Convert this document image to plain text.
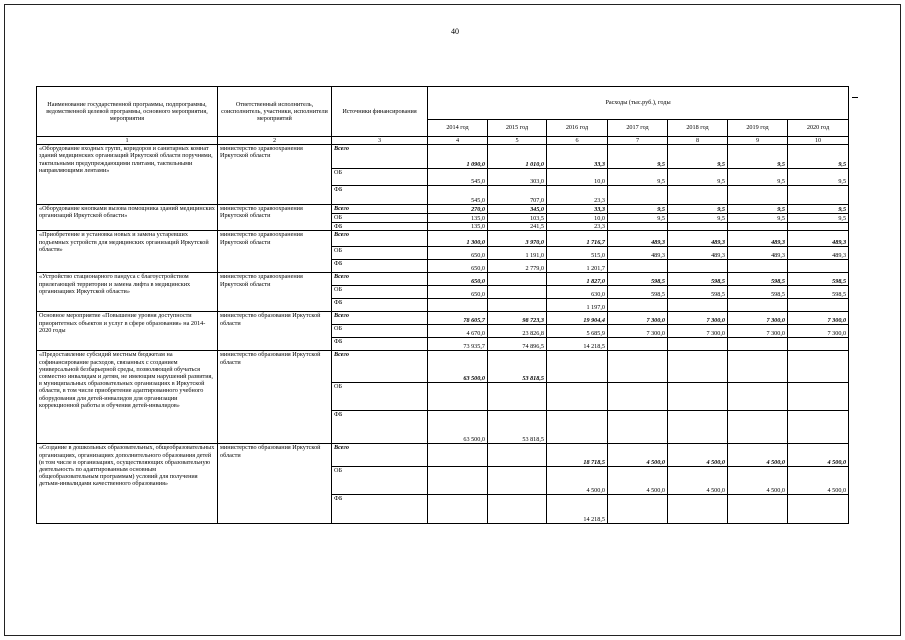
40
Наименование государственной программы, подпрограммы, ведомственной целевой программы, основного мероприятия, мероприятия	Ответственный исполнитель, соисполнитель, участники, исполнители мероприятий	Источники финансирования	Расходы (тыс.руб.), годы						
			2014 год	2015 год	2016 год	2017 год	2018 год	2019 год	2020 год
1	2	3	4	5	6	7	8	9	10
«Оборудование входных групп, коридоров и санитарных комнат зданий медицинских организаций Иркутской области поручнями, тактильными предупреждающими плитами, тактильными направляющими лентами»	министерство здравоохранения Иркутской области	Всего	1 090,0	1 010,0	33,3	9,5	9,5	9,5	9,5
		ОБ	545,0	303,0	10,0	9,5	9,5	9,5	9,5
		ФБ	545,0	707,0	23,3				
«Оборудование кнопками вызова помощника зданий медицинских организаций Иркутской области»	министерство здравоохранения Иркутской области	Всего	270,0	345,0	33,3	9,5	9,5	9,5	9,5
		ОБ	135,0	103,5	10,0	9,5	9,5	9,5	9,5
		ФБ	135,0	241,5	23,3				
«Приобретение и установка новых и замена устаревших подъемных устройств для медицинских организаций Иркутской области»	министерство здравоохранения Иркутской области	Всего	1 300,0	3 970,0	1 716,7	489,3	489,3	489,3	489,3
		ОБ	650,0	1 191,0	515,0	489,3	489,3	489,3	489,3
		ФБ	650,0	2 779,0	1 201,7				
«Устройство стационарного пандуса с благоустройством прилегающей территории и замена лифта в медицинских организациях Иркутской области»	министерство здравоохранения Иркутской области	Всего	650,0		1 827,0	598,5	598,5	598,5	598,5
		ОБ	650,0		630,0	598,5	598,5	598,5	598,5
		ФБ			1 197,0				
Основное мероприятие «Повышение уровня доступности приоритетных объектов и услуг в сфере образования» на 2014-2020 годы	министерство образования Иркутской области	Всего	78 605,7	98 723,3	19 904,4	7 300,0	7 300,0	7 300,0	7 300,0
		ОБ	4 670,0	23 826,8	5 685,9	7 300,0	7 300,0	7 300,0	7 300,0
		ФБ	73 935,7	74 896,5	14 218,5				
«Предоставление субсидий местным бюджетам на софинансирование расходов, связанных с созданием универсальной безбарьерной среды, позволяющей обучаться совместно инвалидам и детям, не имеющим нарушений развития, в муниципальных образовательных организациях в Иркутской области, в том числе приобретение адаптированного учебного оборудования для детей-инвалидов для организации коррекционной работы и обучения детей-инвалидов»	министерство образования Иркутской области	Всего	63 500,0	53 818,5					
		ОБ							
		ФБ	63 500,0	53 818,5					
«Создание в дошкольных образовательных, общеобразовательных организациях, организациях дополнительного образования детей (в том числе в организациях, осуществляющих образовательную деятельность по адаптированным основным общеобразовательным программам) условий для получения детьми-инвалидами качественного образования»	министерство образования Иркутской области	Всего			18 718,5	4 500,0	4 500,0	4 500,0	4 500,0
		ОБ			4 500,0	4 500,0	4 500,0	4 500,0	4 500,0
		ФБ			14 218,5				
